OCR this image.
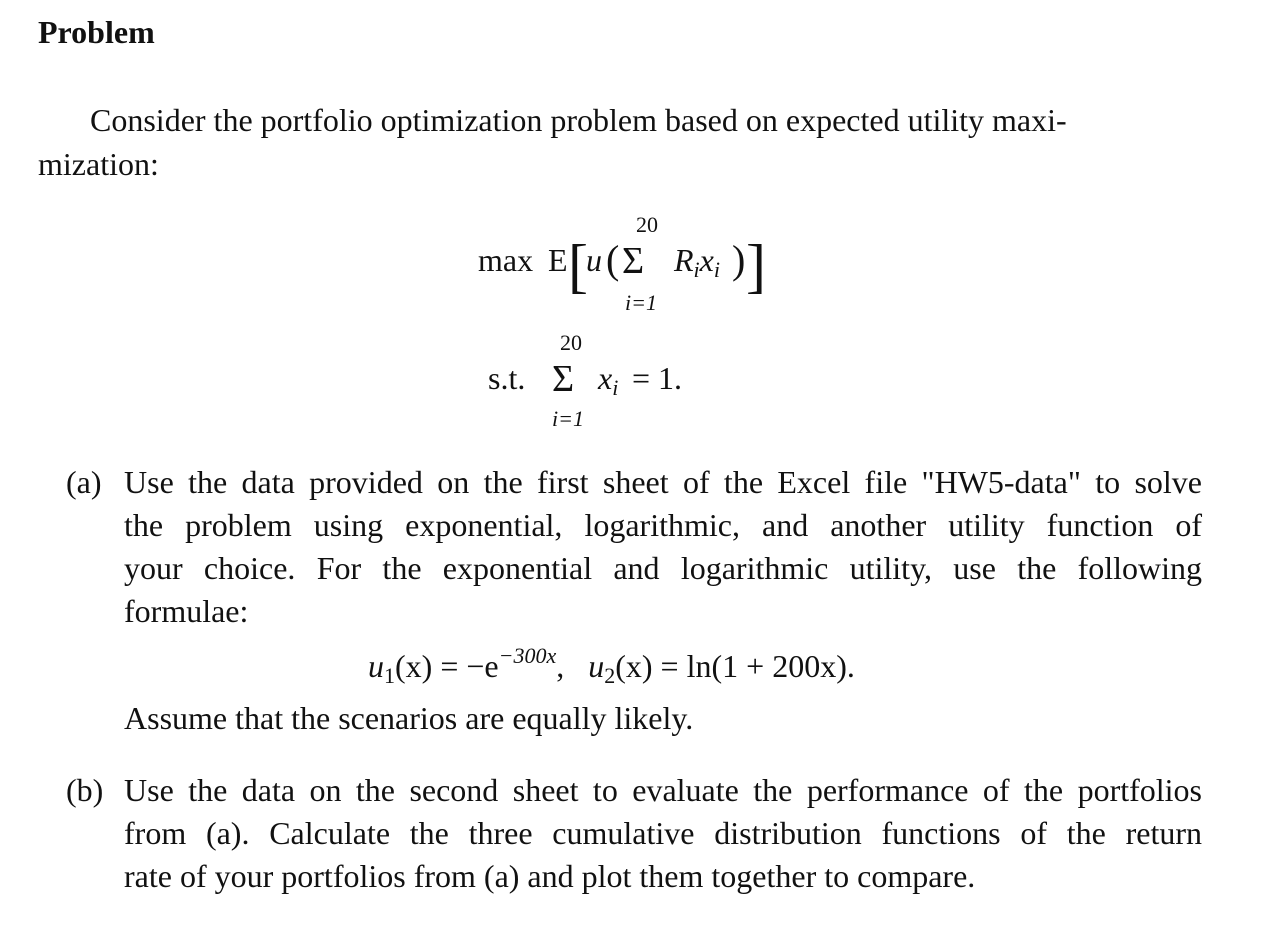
Problem
Consider the portfolio optimization problem based on expected utility maxi-
mization:
max E [
u (
20
Σ
i=1
$R_ix_i$ ) ]
s.t.
20
Σ
i=1
$x_i = 1$.
(a) Use the data provided on the first sheet of the Excel file "HW5-data" to solve
the problem using exponential, logarithmic, and another utility function of
your choice. For the exponential and logarithmic utility, use the following
formulae:
$u_1(x) = -e^{-300x}$, $u_2(x) = \ln(1 + 200x)$.
Assume that the scenarios are equally likely.
(b) Use the data on the second sheet to evaluate the performance of the portfolios
from (a). Calculate the three cumulative distribution functions of the return
rate of your portfolios from (a) and plot them together to compare.
